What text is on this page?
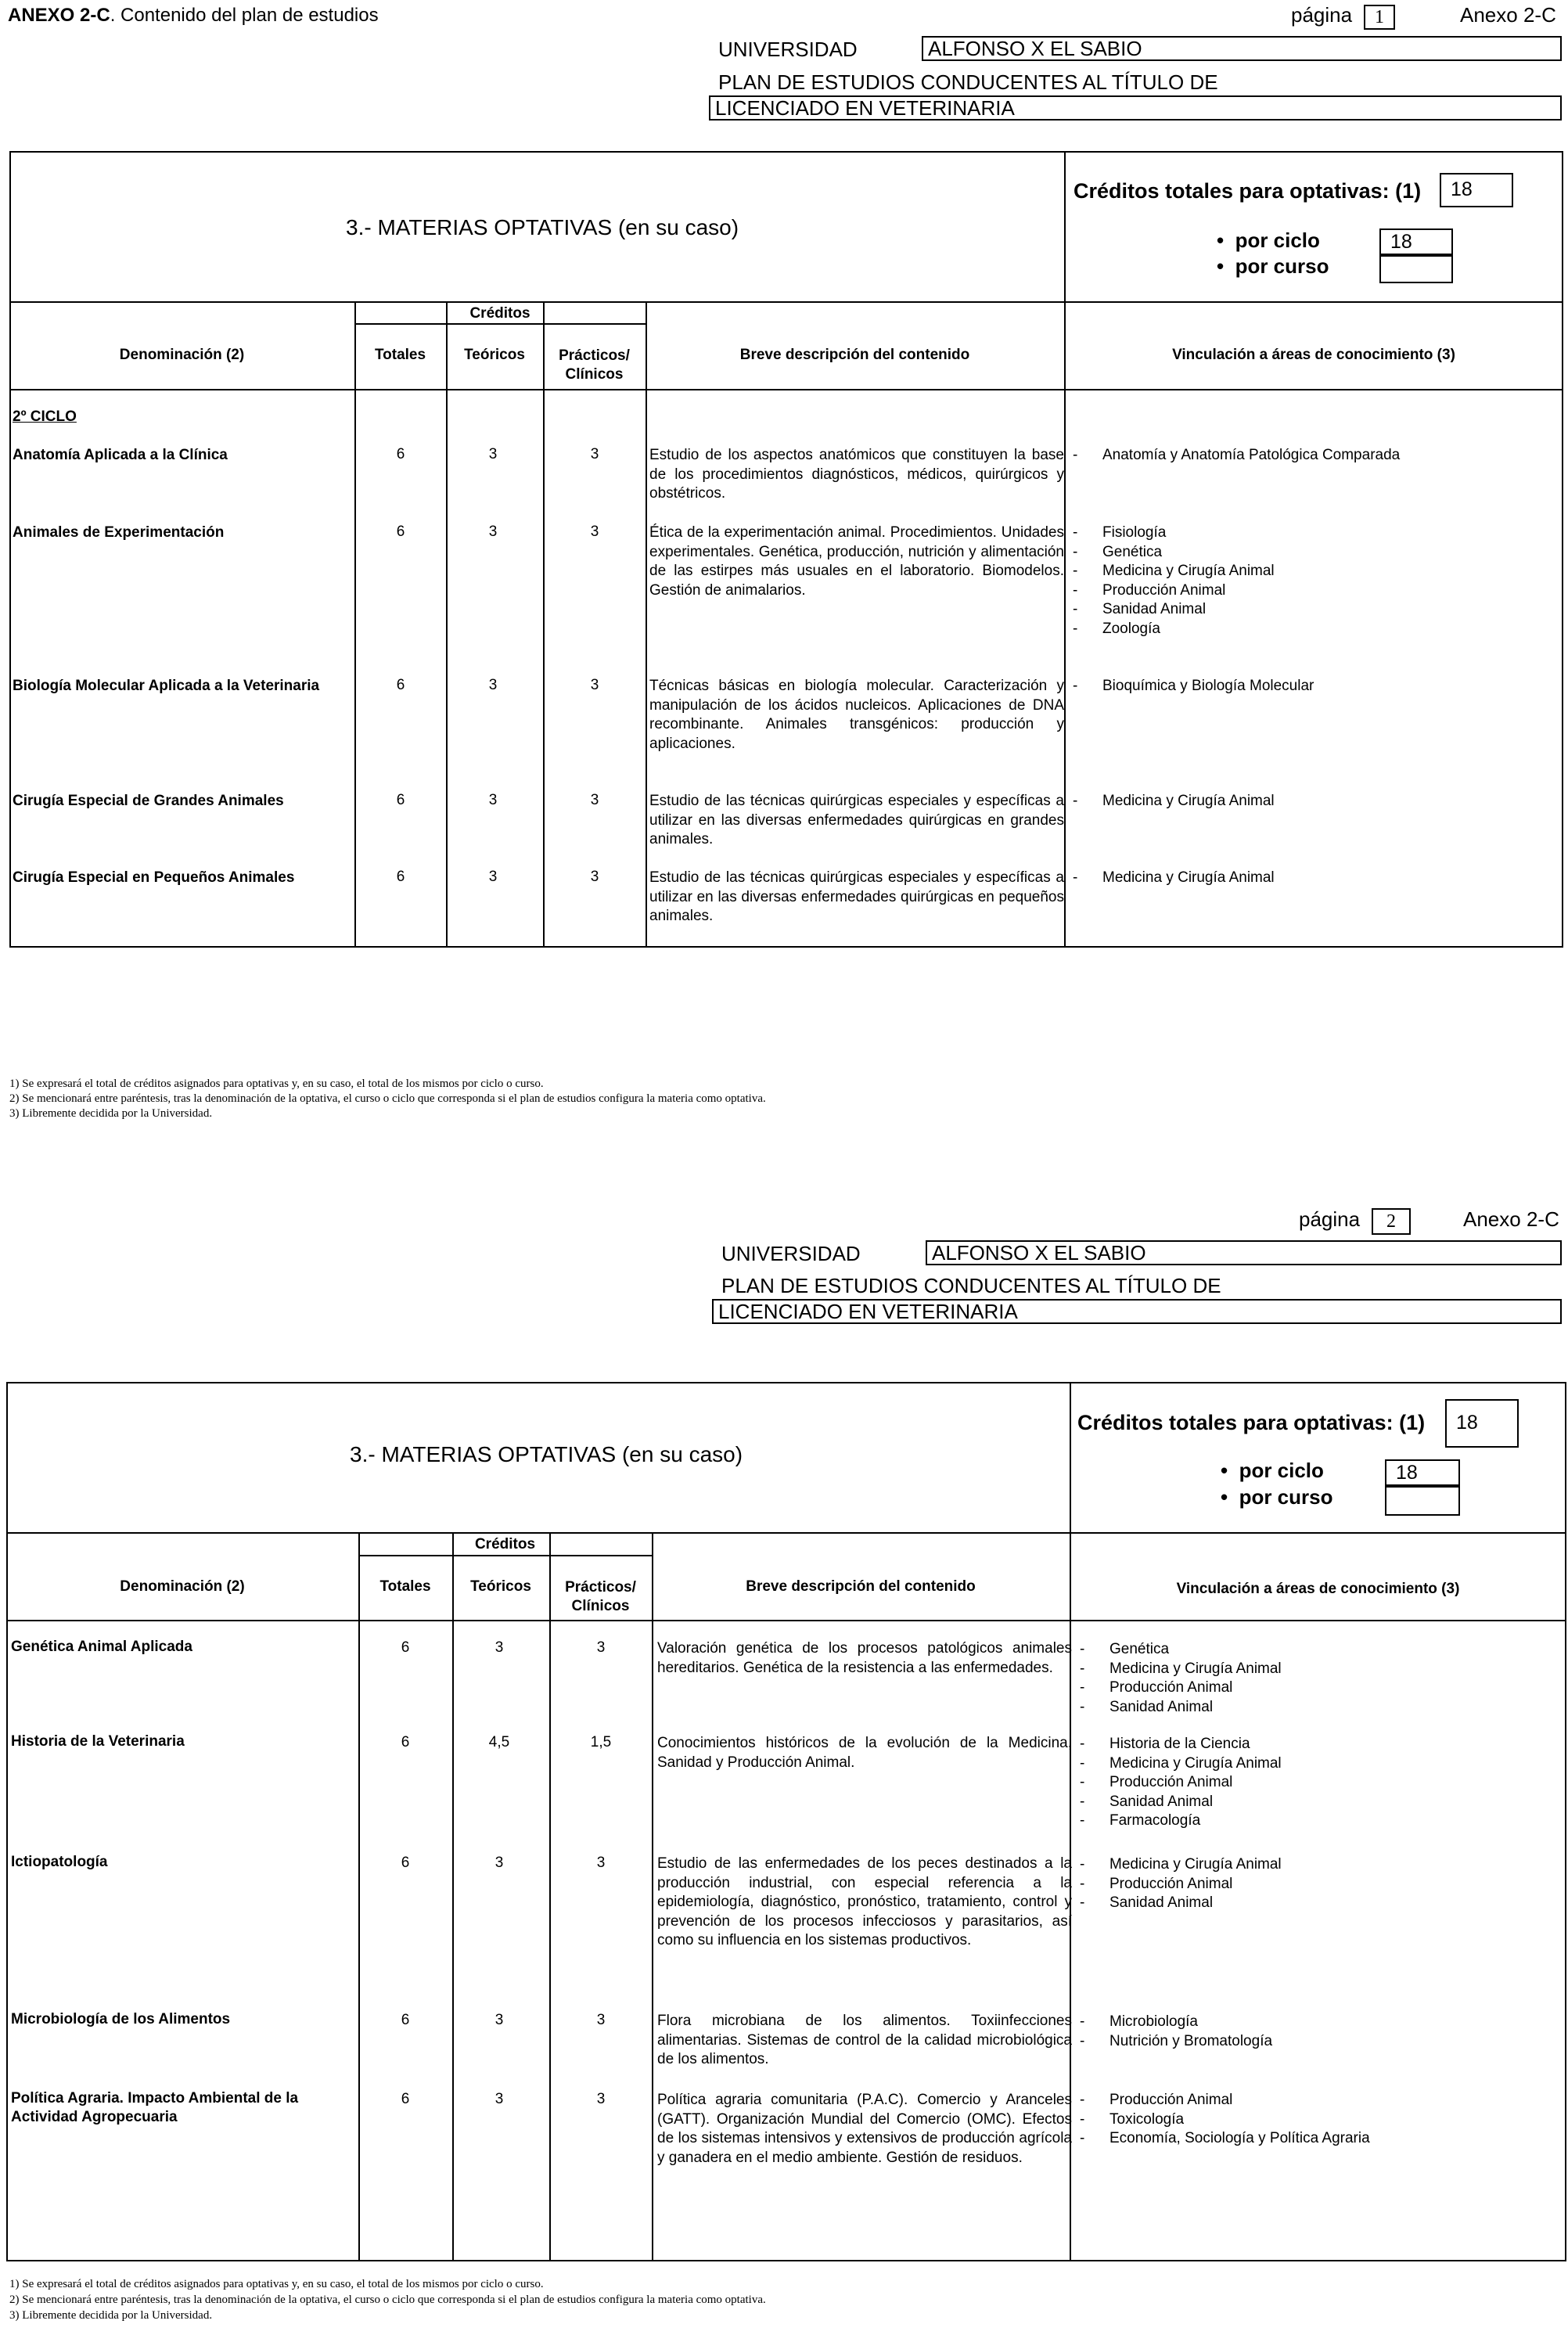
ANEXO 2-C. Contenido del plan de estudios	página	1	Anexo 2-C
UNIVERSIDAD	ALFONSO X EL SABIO
PLAN DE ESTUDIOS CONDUCENTES AL TÍTULO DE
LICENCIADO EN VETERINARIA
3.- MATERIAS OPTATIVAS (en su caso)
Créditos totales para optativas: (1)	18
•  por ciclo	18
•  por curso
Créditos
Denominación (2)	Totales	Teóricos	Prácticos/ Clínicos
Breve descripción del contenido	Vinculación a áreas de conocimiento (3)
2º CICLO
Anatomía Aplicada a la Clínica	6	3	3	Estudio de los aspectos anatómicos que constituyen la base de los procedimientos diagnósticos, médicos, quirúrgicos y obstétricos.
- Anatomía y Anatomía Patológica Comparada
Animales de Experimentación	6	3	3	Ética de la experimentación animal. Procedimientos. Unidades experimentales. Genética, producción, nutrición y alimentación de las estirpes más usuales en el laboratorio. Biomodelos. Gestión de animalarios.
- Fisiología
- Genética
- Medicina y Cirugía Animal
- Producción Animal
- Sanidad Animal
- Zoología
Biología Molecular Aplicada a la Veterinaria	6	3	3	Técnicas básicas en biología molecular. Caracterización y manipulación de los ácidos nucleicos. Aplicaciones de DNA recombinante. Animales transgénicos: producción y aplicaciones.
- Bioquímica y Biología Molecular
Cirugía Especial de Grandes Animales	6	3	3	Estudio de las técnicas quirúrgicas especiales y específicas a utilizar en las diversas enfermedades quirúrgicas en grandes animales.
- Medicina y Cirugía Animal
Cirugía Especial en Pequeños Animales	6	3	3	Estudio de las técnicas quirúrgicas especiales y específicas a utilizar en las diversas enfermedades quirúrgicas en pequeños animales.
- Medicina y Cirugía Animal
1) Se expresará el total de créditos asignados para optativas y, en su caso, el total de los mismos por ciclo o curso.
2) Se mencionará entre paréntesis, tras la denominación de la optativa, el curso o ciclo que corresponda si el plan de estudios configura la materia como optativa.
3) Libremente decidida por la Universidad.
página	2	Anexo 2-C
UNIVERSIDAD	ALFONSO X EL SABIO
PLAN DE ESTUDIOS CONDUCENTES AL TÍTULO DE
LICENCIADO EN VETERINARIA
3.- MATERIAS OPTATIVAS (en su caso)
Créditos totales para optativas: (1)	18
•  por ciclo	18
•  por curso
Créditos
Denominación (2)	Totales	Teóricos	Prácticos/ Clínicos
Breve descripción del contenido	Vinculación a áreas de conocimiento (3)
Genética Animal Aplicada	6	3	3	Valoración genética de los procesos patológicos animales hereditarios. Genética de la resistencia a las enfermedades.
- Genética
- Medicina y Cirugía Animal
- Producción Animal
- Sanidad Animal
Historia de la Veterinaria	6	4,5	1,5	Conocimientos históricos de la evolución de la Medicina, Sanidad y Producción Animal.
- Historia de la Ciencia
- Medicina y Cirugía Animal
- Producción Animal
- Sanidad Animal
- Farmacología
Ictiopatología	6	3	3	Estudio de las enfermedades de los peces destinados a la producción industrial, con especial referencia a la epidemiología, diagnóstico, pronóstico, tratamiento, control y prevención de los procesos infecciosos y parasitarios, así como su influencia en los sistemas productivos.
- Medicina y Cirugía Animal
- Producción Animal
- Sanidad Animal
Microbiología de los Alimentos	6	3	3	Flora microbiana de los alimentos. Toxiinfecciones alimentarias. Sistemas de control de la calidad microbiológica de los alimentos.
- Microbiología
- Nutrición y Bromatología
Política Agraria. Impacto Ambiental de la Actividad Agropecuaria
6	3	3	Política agraria comunitaria (P.A.C). Comercio y Aranceles (GATT). Organización Mundial del Comercio (OMC). Efectos de los sistemas intensivos y extensivos de producción agrícola y ganadera en el medio ambiente. Gestión de residuos.
- Producción Animal
- Toxicología
- Economía, Sociología y Política Agraria
1) Se expresará el total de créditos asignados para optativas y, en su caso, el total de los mismos por ciclo o curso.
2) Se mencionará entre paréntesis, tras la denominación de la optativa, el curso o ciclo que corresponda si el plan de estudios configura la materia como optativa.
3) Libremente decidida por la Universidad.
